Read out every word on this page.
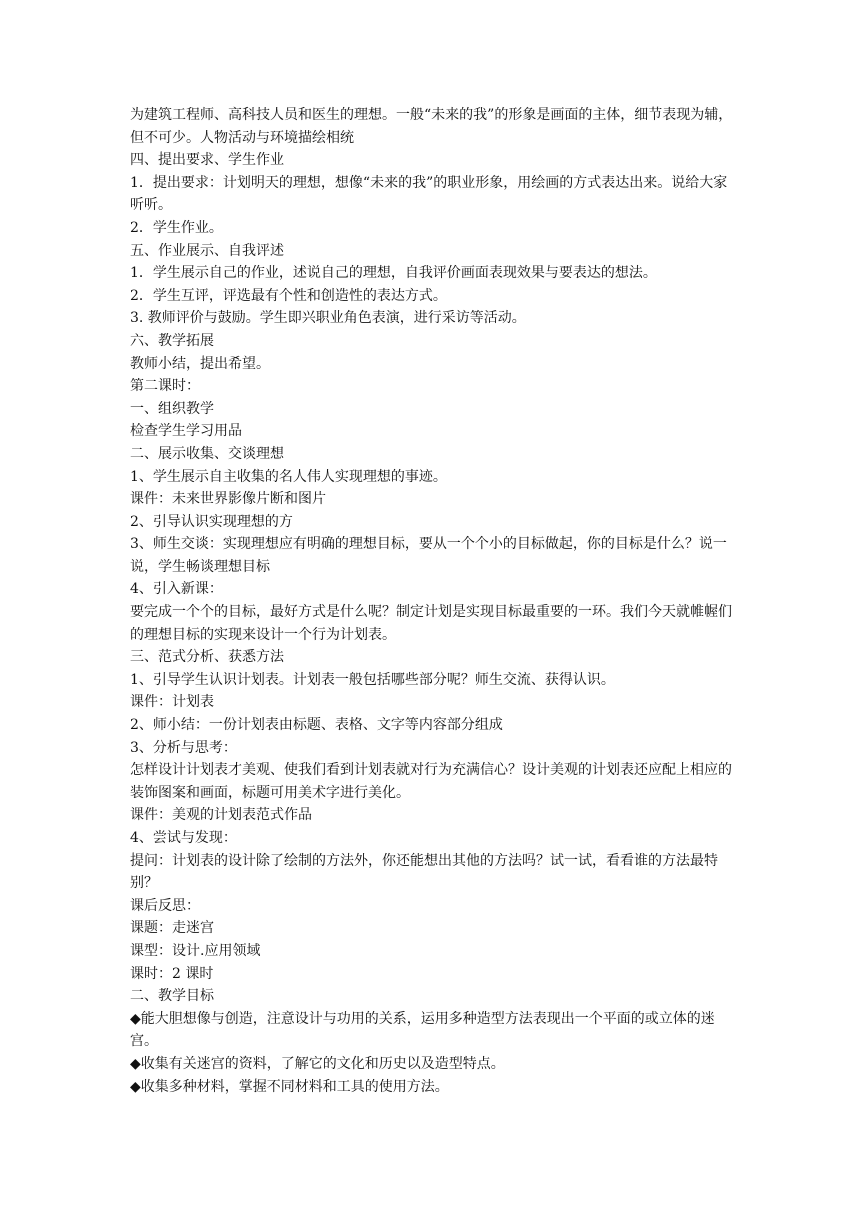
为建筑工程师、高科技人员和医生的理想。一般“未来的我”的形象是画面的主体，细节表现为辅，但不可少。人物活动与环境描绘相统

四、提出要求、学生作业

1．提出要求：计划明天的理想，想像“未来的我”的职业形象，用绘画的方式表达出来。说给大家听听。

2．学生作业。

五、作业展示、自我评述

1．学生展示自己的作业，述说自己的理想，自我评价画面表现效果与要表达的想法。

2．学生互评，评选最有个性和创造性的表达方式。

3. 教师评价与鼓励。学生即兴职业角色表演，进行采访等活动。

六、教学拓展

教师小结，提出希望。

第二课时：

一、组织教学

检查学生学习用品

二、展示收集、交谈理想

1、学生展示自主收集的名人伟人实现理想的事迹。

课件：未来世界影像片断和图片

2、引导认识实现理想的方

3、师生交谈：实现理想应有明确的理想目标，要从一个个小的目标做起，你的目标是什么？说一说，学生畅谈理想目标

4、引入新课：

要完成一个个的目标，最好方式是什么呢？制定计划是实现目标最重要的一环。我们今天就帷幄们的理想目标的实现来设计一个行为计划表。

三、范式分析、获悉方法

1、引导学生认识计划表。计划表一般包括哪些部分呢？师生交流、获得认识。

课件：计划表

2、师小结：一份计划表由标题、表格、文字等内容部分组成

3、分析与思考：

怎样设计计划表才美观、使我们看到计划表就对行为充满信心？设计美观的计划表还应配上相应的装饰图案和画面，标题可用美术字进行美化。

课件：美观的计划表范式作品

4、尝试与发现：

提问：计划表的设计除了绘制的方法外，你还能想出其他的方法吗？试一试，看看谁的方法最特别？

课后反思：

课题：走迷宫

课型：设计.应用领域

课时：2 课时

二、教学目标

◆能大胆想像与创造，注意设计与功用的关系，运用多种造型方法表现出一个平面的或立体的迷宫。

◆收集有关迷宫的资料，了解它的文化和历史以及造型特点。

◆收集多种材料，掌握不同材料和工具的使用方法。
